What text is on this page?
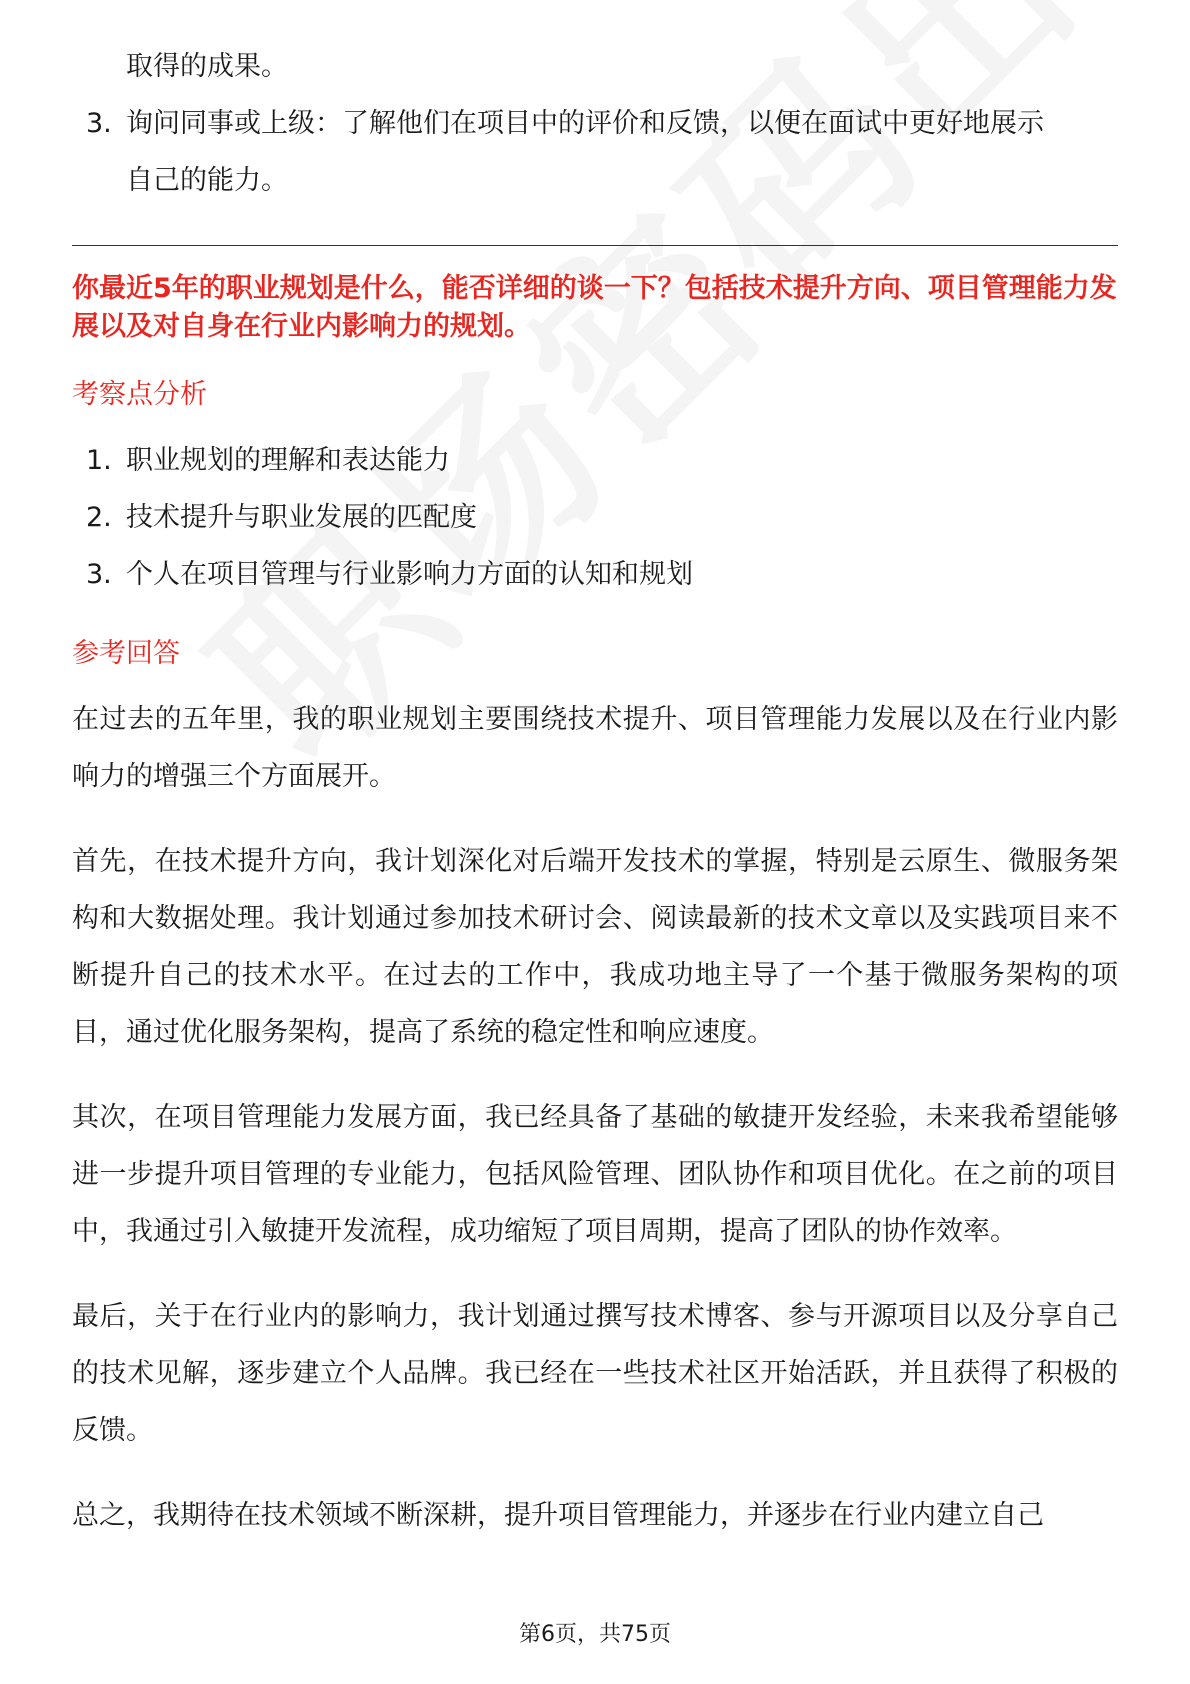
取得的成果。
3. 询问同事或上级：了解他们在项目中的评价和反馈，以便在面试中更好地展示
自己的能力。
你最近5年的职业规划是什么，能否详细的谈一下？包括技术提升方向、项目管理能力发展以及对自身在行业内影响力的规划。
考察点分析
1. 职业规划的理解和表达能力
2. 技术提升与职业发展的匹配度
3. 个人在项目管理与行业影响力方面的认知和规划
参考回答

在过去的五年里，我的职业规划主要围绕技术提升、项目管理能力发展以及在行业内影响力的增强三个方面展开。

首先，在技术提升方向，我计划深化对后端开发技术的掌握，特别是云原生、微服务架构和大数据处理。我计划通过参加技术研讨会、阅读最新的技术文章以及实践项目来不断提升自己的技术水平。在过去的工作中，我成功地主导了一个基于微服务架构的项目，通过优化服务架构，提高了系统的稳定性和响应速度。

其次，在项目管理能力发展方面，我已经具备了基础的敏捷开发经验，未来我希望能够进一步提升项目管理的专业能力，包括风险管理、团队协作和项目优化。在之前的项目中，我通过引入敏捷开发流程，成功缩短了项目周期，提高了团队的协作效率。

最后，关于在行业内的影响力，我计划通过撰写技术博客、参与开源项目以及分享自己的技术见解，逐步建立个人品牌。我已经在一些技术社区开始活跃，并且获得了积极的反馈。

总之，我期待在技术领域不断深耕，提升项目管理能力，并逐步在行业内建立自己

第6页，共75页
